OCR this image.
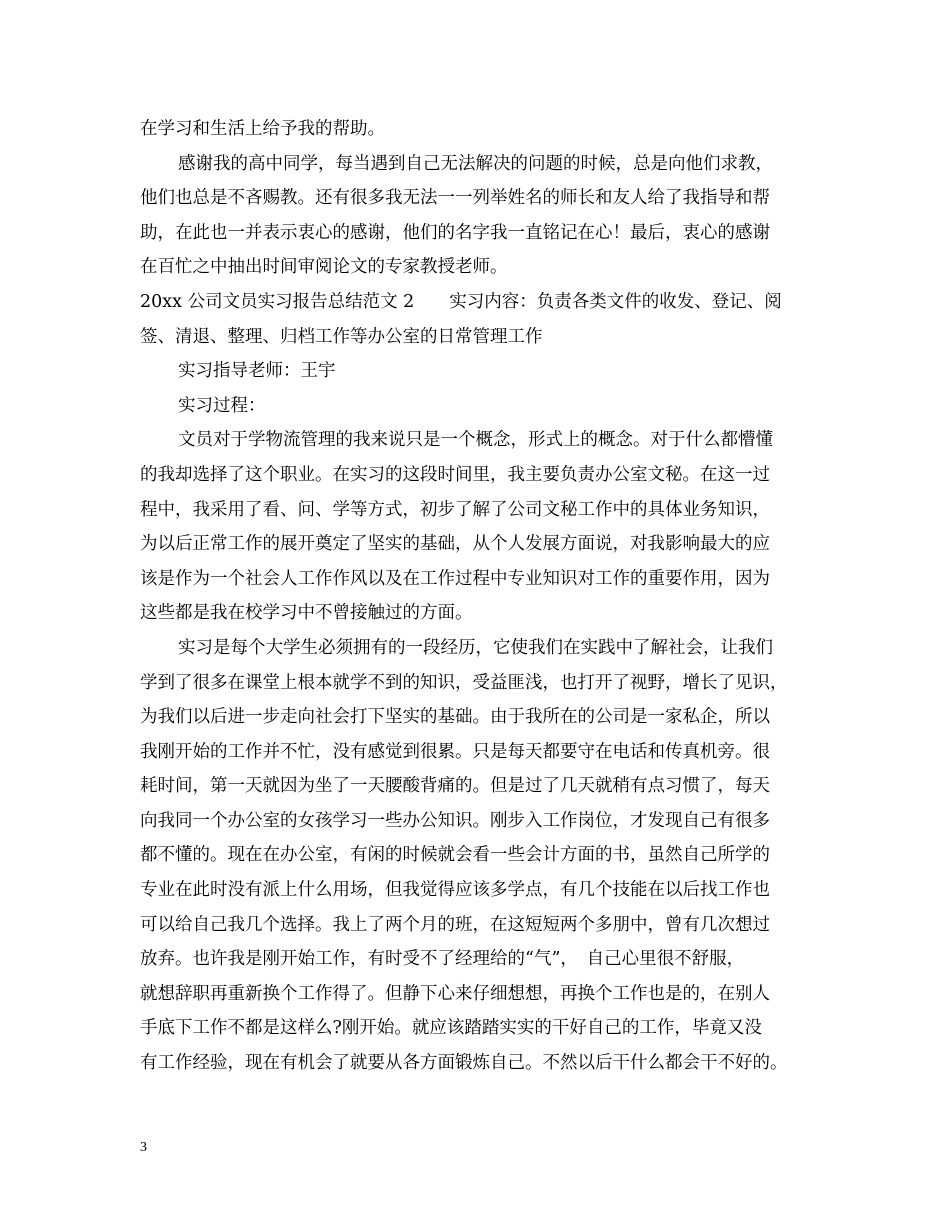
在学习和生活上给予我的帮助。
感谢我的高中同学，每当遇到自己无法解决的问题的时候，总是向他们求教，
他们也总是不吝赐教。还有很多我无法一一列举姓名的师长和友人给了我指导和帮
助，在此也一并表示衷心的感谢，他们的名字我一直铭记在心！最后，衷心的感谢
在百忙之中抽出时间审阅论文的专家教授老师。
20xx 公司文员实习报告总结范文 2　　实习内容：负责各类文件的收发、登记、阅
签、清退、整理、归档工作等办公室的日常管理工作
实习指导老师：王宇
实习过程：
文员对于学物流管理的我来说只是一个概念，形式上的概念。对于什么都懵懂
的我却选择了这个职业。在实习的这段时间里，我主要负责办公室文秘。在这一过
程中，我采用了看、问、学等方式，初步了解了公司文秘工作中的具体业务知识，
为以后正常工作的展开奠定了坚实的基础，从个人发展方面说，对我影响最大的应
该是作为一个社会人工作作风以及在工作过程中专业知识对工作的重要作用，因为
这些都是我在校学习中不曾接触过的方面。
实习是每个大学生必须拥有的一段经历，它使我们在实践中了解社会，让我们
学到了很多在课堂上根本就学不到的知识，受益匪浅，也打开了视野，增长了见识，
为我们以后进一步走向社会打下坚实的基础。由于我所在的公司是一家私企，所以
我刚开始的工作并不忙，没有感觉到很累。只是每天都要守在电话和传真机旁。很
耗时间，第一天就因为坐了一天腰酸背痛的。但是过了几天就稍有点习惯了，每天
向我同一个办公室的女孩学习一些办公知识。刚步入工作岗位，才发现自己有很多
都不懂的。现在在办公室，有闲的时候就会看一些会计方面的书，虽然自己所学的
专业在此时没有派上什么用场，但我觉得应该多学点，有几个技能在以后找工作也
可以给自己我几个选择。我上了两个月的班，在这短短两个多朋中，曾有几次想过
放弃。也许我是刚开始工作，有时受不了经理给的“气”，　自己心里很不舒服，
就想辞职再重新换个工作得了。但静下心来仔细想想，再换个工作也是的，在别人
手底下工作不都是这样么?刚开始。就应该踏踏实实的干好自己的工作，毕竟又没
有工作经验，现在有机会了就要从各方面锻炼自己。不然以后干什么都会干不好的。
3
